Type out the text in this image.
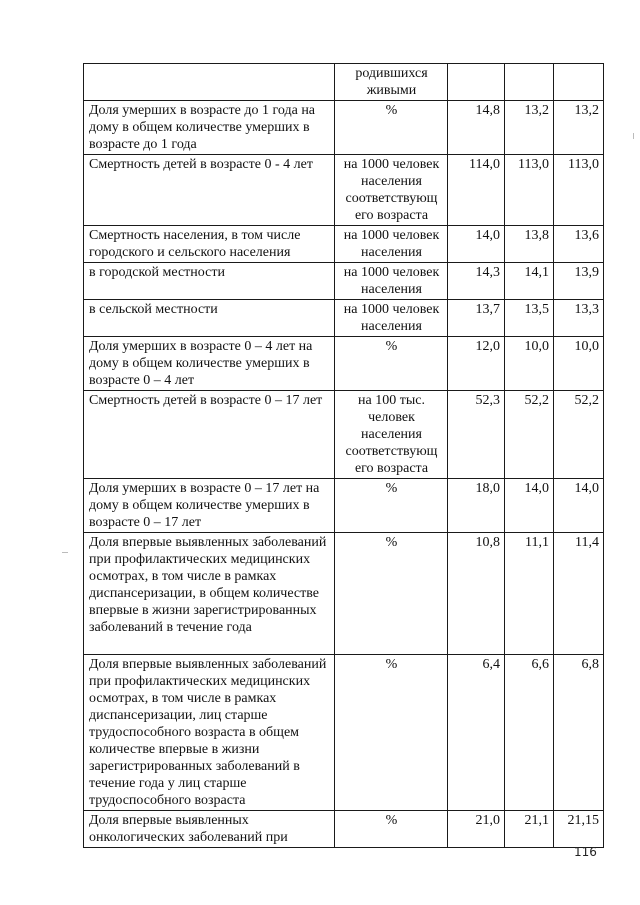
	родившихся живыми			
Доля умерших в возрасте до 1 года на дому в общем количестве умерших в возрасте до 1 года	%	14,8	13,2	13,2
Смертность детей в возрасте 0 - 4 лет	на 1000 человек населения соответствующ его возраста	114,0	113,0	113,0
Смертность населения, в том числе городского и сельского населения	на 1000 человек населения	14,0	13,8	13,6
в городской местности	на 1000 человек населения	14,3	14,1	13,9
в сельской местности	на 1000 человек населения	13,7	13,5	13,3
Доля умерших в возрасте 0 – 4 лет на дому в общем количестве умерших в возрасте 0 – 4 лет	%	12,0	10,0	10,0
Смертность детей в возрасте 0 – 17 лет	на 100 тыс. человек населения соответствующ его возраста	52,3	52,2	52,2
Доля умерших в возрасте 0 – 17 лет на дому в общем количестве умерших в возрасте 0 – 17 лет	%	18,0	14,0	14,0
Доля впервые выявленных заболеваний при профилактических медицинских осмотрах, в том числе в рамках диспансеризации, в общем количестве впервые в жизни зарегистрированных заболеваний в течение года	%	10,8	11,1	11,4
Доля впервые выявленных заболеваний при профилактических медицинских осмотрах, в том числе в рамках диспансеризации, лиц старше трудоспособного возраста в общем количестве впервые в жизни зарегистрированных заболеваний в течение года у лиц старше трудоспособного возраста	%	6,4	6,6	6,8
Доля впервые выявленных онкологических заболеваний при	%	21,0	21,1	21,15
116
